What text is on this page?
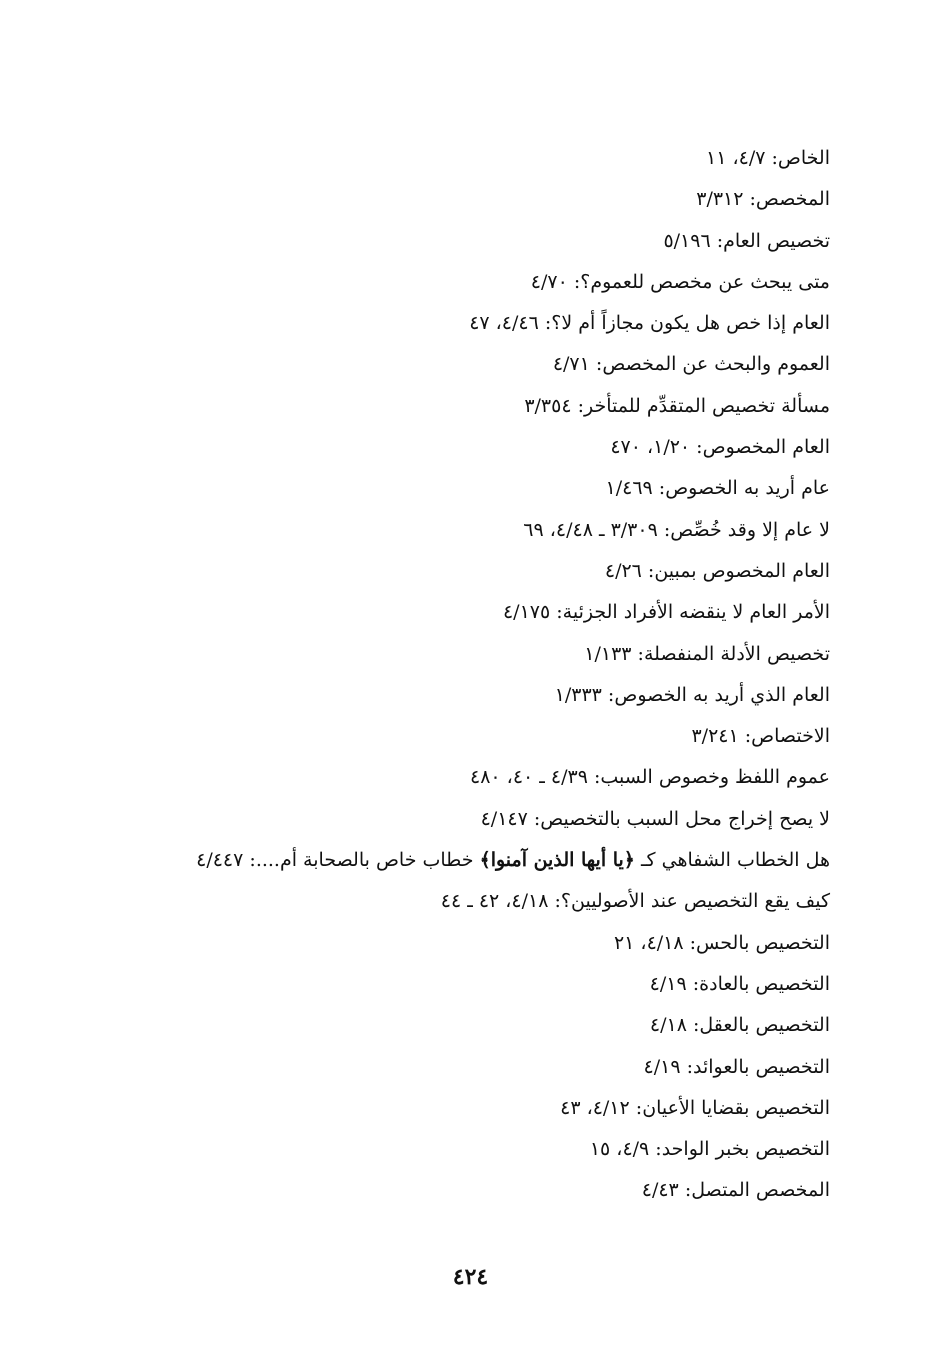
الخاص: ٤/٧، ١١
المخصص: ٣/٣١٢
تخصيص العام: ٥/١٩٦
متى يبحث عن مخصص للعموم؟: ٤/٧٠
العام إذا خص هل يكون مجازاً أم لا؟: ٤/٤٦، ٤٧
العموم والبحث عن المخصص: ٤/٧١
مسألة تخصيص المتقدِّم للمتأخر: ٣/٣٥٤
العام المخصوص: ١/٢٠، ٤٧٠
عام أريد به الخصوص: ١/٤٦٩
لا عام إلا وقد خُصِّص: ٣/٣٠٩ ـ ٤/٤٨، ٦٩
العام المخصوص بمبين: ٤/٢٦
الأمر العام لا ينقضه الأفراد الجزئية: ٤/١٧٥
تخصيص الأدلة المنفصلة: ١/١٣٣
العام الذي أريد به الخصوص: ١/٣٣٣
الاختصاص: ٣/٢٤١
عموم اللفظ وخصوص السبب: ٤/٣٩ ـ ٤٠، ٤٨٠
لا يصح إخراج محل السبب بالتخصيص: ٤/١٤٧
هل الخطاب الشفاهي كـ ﴿يا أيها الذين آمنوا﴾ خطاب خاص بالصحابة أم....: ٤/٤٤٧
كيف يقع التخصيص عند الأصوليين؟: ٤/١٨، ٤٢ ـ ٤٤
التخصيص بالحس: ٤/١٨، ٢١
التخصيص بالعادة: ٤/١٩
التخصيص بالعقل: ٤/١٨
التخصيص بالعوائد: ٤/١٩
التخصيص بقضايا الأعيان: ٤/١٢، ٤٣
التخصيص بخبر الواحد: ٤/٩، ١٥
المخصص المتصل: ٤/٤٣
٤٢٤
